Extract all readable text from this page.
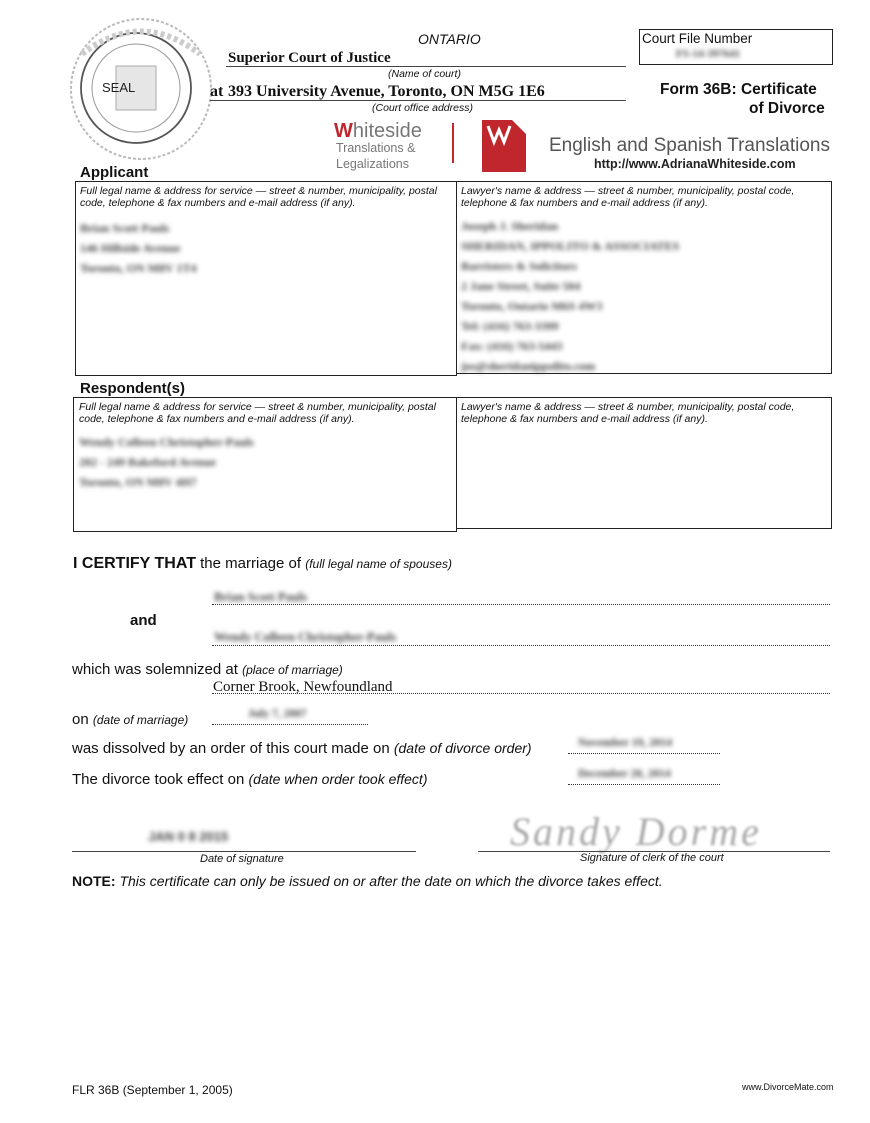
SEAL
ONTARIO
Superior Court of Justice
(Name of court)
at 393 University Avenue, Toronto, ON M5G 1E6
(Court office address)
Court File Number
FS-14-397641
Form 36B: Certificate
of Divorce
Whiteside
Translations &
Legalizations
English and Spanish Translations
http://www.AdrianaWhiteside.com
Applicant
Full legal name & address for service — street & number, municipality, postal code, telephone & fax numbers and e-mail address (if any).
Brian Scott Pauls
146 Hillside Avenue
Toronto, ON M8V 1T4
Lawyer's name & address — street & number, municipality, postal code, telephone & fax numbers and e-mail address (if any).
Joseph J. Sheridan
SHERIDAN, IPPOLITO & ASSOCIATES
Barristers & Solicitors
2 Jane Street, Suite 504
Toronto, Ontario M6S 4W3
Tel: (416) 763-3399
Fax: (416) 763-5443
jos@sheridanippolito.com
Respondent(s)
Full legal name & address for service — street & number, municipality, postal code, telephone & fax numbers and e-mail address (if any).
Wendy Colleen Christopher-Pauls
202 - 249 Bakeford Avenue
Toronto, ON M8V 4H7
Lawyer's name & address — street & number, municipality, postal code, telephone & fax numbers and e-mail address (if any).
I CERTIFY THAT the marriage of (full legal name of spouses)
Brian Scott Pauls
and
Wendy Colleen Christopher-Pauls
which was solemnized at (place of marriage)
Corner Brook, Newfoundland
on (date of marriage)	July 7, 2007
was dissolved by an order of this court made on (date of divorce order)	November 19, 2014
The divorce took effect on (date when order took effect)	December 20, 2014
JAN 0 8 2015
Date of signature
Sandy Dorme
Signature of clerk of the court
NOTE: This certificate can only be issued on or after the date on which the divorce takes effect.
FLR 36B (September 1, 2005)	www.DivorceMate.com
